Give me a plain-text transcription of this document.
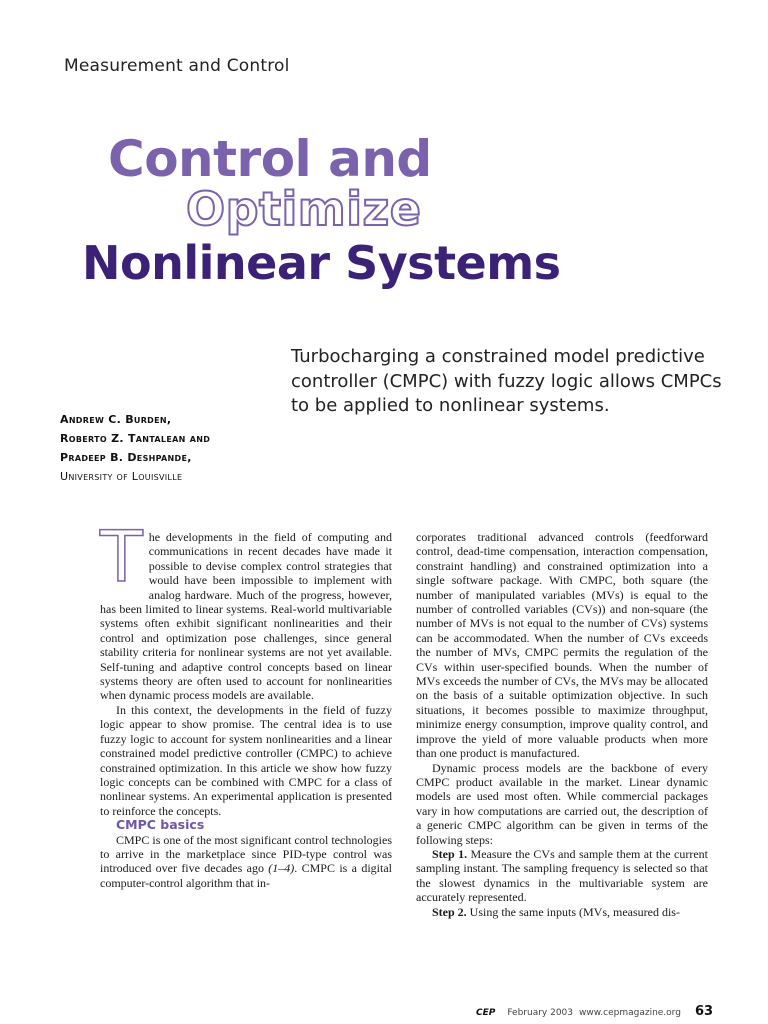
Measurement and Control
Control and
Optimize
Nonlinear Systems
Turbocharging a constrained model predictive controller (CMPC) with fuzzy logic allows CMPCs to be applied to nonlinear systems.
Andrew C. Burden,
Roberto Z. Tantalean and
Pradeep B. Deshpande,
University of Louisville

The developments in the field of computing and communications in recent decades have made it possible to devise complex control strategies that would have been impossible to implement with analog hardware. Much of the progress, however, has been limited to linear systems. Real-world multivariable systems often exhibit significant nonlinearities and their control and optimization pose challenges, since general stability criteria for nonlinear systems are not yet available. Self-tuning and adaptive control concepts based on linear systems theory are often used to account for nonlinearities when dynamic process models are available.

In this context, the developments in the field of fuzzy logic appear to show promise. The central idea is to use fuzzy logic to account for system nonlinearities and a linear constrained model predictive controller (CMPC) to achieve constrained optimization. In this article we show how fuzzy logic concepts can be combined with CMPC for a class of nonlinear systems. An experimental application is presented to reinforce the concepts.

CMPC basics

CMPC is one of the most significant control technologies to arrive in the marketplace since PID-type control was introduced over five decades ago (1–4). CMPC is a digital computer-control algorithm that in-

corporates traditional advanced controls (feedforward control, dead-time compensation, interaction compensation, constraint handling) and constrained optimization into a single software package. With CMPC, both square (the number of manipulated variables (MVs) is equal to the number of controlled variables (CVs)) and non-square (the number of MVs is not equal to the number of CVs) systems can be accommodated. When the number of CVs exceeds the number of MVs, CMPC permits the regulation of the CVs within user-specified bounds. When the number of MVs exceeds the number of CVs, the MVs may be allocated on the basis of a suitable optimization objective. In such situations, it becomes possible to maximize throughput, minimize energy consumption, improve quality control, and improve the yield of more valuable products when more than one product is manufactured.

Dynamic process models are the backbone of every CMPC product available in the market. Linear dynamic models are used most often. While commercial packages vary in how computations are carried out, the description of a generic CMPC algorithm can be given in terms of the following steps:

Step 1. Measure the CVs and sample them at the current sampling instant. The sampling frequency is selected so that the slowest dynamics in the multivariable system are accurately represented.

Step 2. Using the same inputs (MVs, measured dis-

CEP February 2003 www.cepmagazine.org 63
